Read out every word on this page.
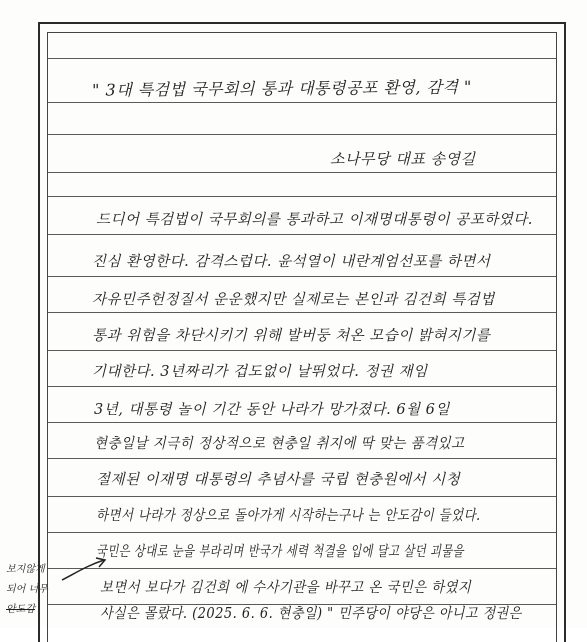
" 3대 특검법 국무회의 통과 대통령공포 환영, 감격 "
소나무당 대표 송영길
드디어 특검법이 국무회의를 통과하고 이재명대통령이 공포하였다.
진심 환영한다. 감격스럽다. 윤석열이 내란계엄선포를 하면서
자유민주헌정질서 운운했지만 실제로는 본인과 김건희 특검법
통과 위험을 차단시키기 위해 발버둥 쳐온 모습이 밝혀지기를
기대한다. 3년짜리가 겁도없이 날뛰었다. 정권 재임
3년, 대통령 놀이 기간 동안 나라가 망가졌다. 6월 6일
현충일날 지극히 정상적으로 현충일 취지에 딱 맞는 품격있고
절제된 이재명 대통령의 추념사를 국립 현충원에서 시청
하면서 나라가 정상으로 돌아가게 시작하는구나 는 안도감이 들었다.
국민은 상대로 눈을 부라리며 반국가 세력 척결을 입에 달고 살던 괴물을
보면서 보다가 김건희 에 수사기관을 바꾸고 온 국민은 하였지
사실은 몰랐다. (2025. 6. 6. 현충일) " 민주당이 야당은 아니고 정권은
보지않게
되어 너무
안도감
